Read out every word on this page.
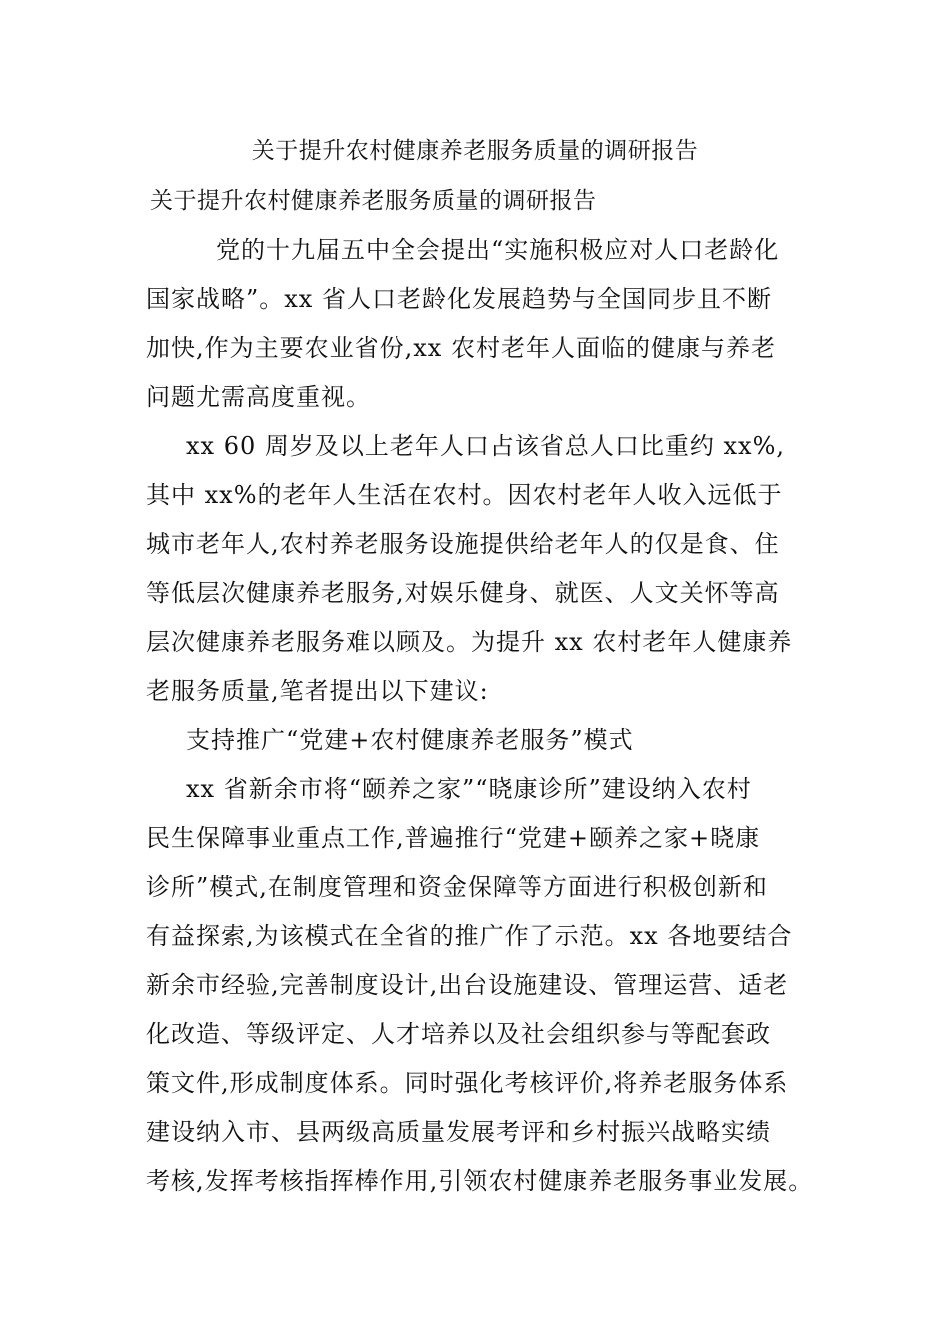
关于提升农村健康养老服务质量的调研报告
关于提升农村健康养老服务质量的调研报告
党的十九届五中全会提出“实施积极应对人口老龄化
国家战略”。xx 省人口老龄化发展趋势与全国同步且不断
加快,作为主要农业省份,xx 农村老年人面临的健康与养老
问题尤需高度重视。
xx 60 周岁及以上老年人口占该省总人口比重约 xx%,
其中 xx%的老年人生活在农村。因农村老年人收入远低于
城市老年人,农村养老服务设施提供给老年人的仅是食、住
等低层次健康养老服务,对娱乐健身、就医、人文关怀等高
层次健康养老服务难以顾及。为提升 xx 农村老年人健康养
老服务质量,笔者提出以下建议:
支持推广“党建+农村健康养老服务”模式
xx 省新余市将“颐养之家”“晓康诊所”建设纳入农村
民生保障事业重点工作,普遍推行“党建+颐养之家+晓康
诊所”模式,在制度管理和资金保障等方面进行积极创新和
有益探索,为该模式在全省的推广作了示范。xx 各地要结合
新余市经验,完善制度设计,出台设施建设、管理运营、适老
化改造、等级评定、人才培养以及社会组织参与等配套政
策文件,形成制度体系。同时强化考核评价,将养老服务体系
建设纳入市、县两级高质量发展考评和乡村振兴战略实绩
考核,发挥考核指挥棒作用,引领农村健康养老服务事业发展。
